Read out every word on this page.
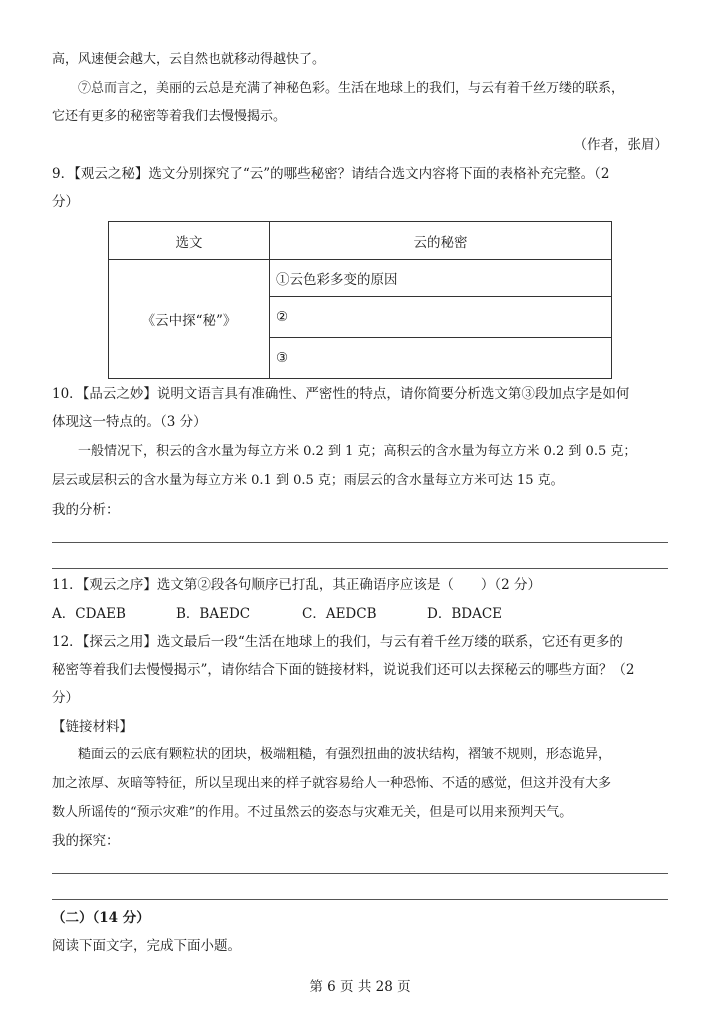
高，风速便会越大，云自然也就移动得越快了。
⑦总而言之，美丽的云总是充满了神秘色彩。生活在地球上的我们，与云有着千丝万缕的联系，
它还有更多的秘密等着我们去慢慢揭示。
（作者，张眉）
9．【观云之秘】选文分别探究了“云”的哪些秘密？请结合选文内容将下面的表格补充完整。（2
分）
选文	云的秘密
《云中探“秘”》	①云色彩多变的原因
	②
	③
10．【品云之妙】说明文语言具有准确性、严密性的特点，请你简要分析选文第③段加点字是如何
体现这一特点的。（3 分）
一般情况下，积云的含水量为每立方米 0.2 到 1 克；高积云的含水量为每立方米 0.2 到 0.5 克；
层云或层积云的含水量为每立方米 0.1 到 0.5 克；雨层云的含水量每立方米可达 15 克。
我的分析：
11．【观云之序】选文第②段各句顺序已打乱，其正确语序应该是（　　）（2 分）
A．CDAEB	B．BAEDC	C．AEDCB	D．BDACE
12．【探云之用】选文最后一段“生活在地球上的我们，与云有着千丝万缕的联系，它还有更多的
秘密等着我们去慢慢揭示”，请你结合下面的链接材料，说说我们还可以去探秘云的哪些方面？（2
分）
【链接材料】
糙面云的云底有颗粒状的团块，极端粗糙，有强烈扭曲的波状结构，褶皱不规则，形态诡异，
加之浓厚、灰暗等特征，所以呈现出来的样子就容易给人一种恐怖、不适的感觉，但这并没有大多
数人所谣传的“预示灾难”的作用。不过虽然云的姿态与灾难无关，但是可以用来预判天气。
我的探究：
（二）（14 分）
阅读下面文字，完成下面小题。
第 6 页 共 28 页
